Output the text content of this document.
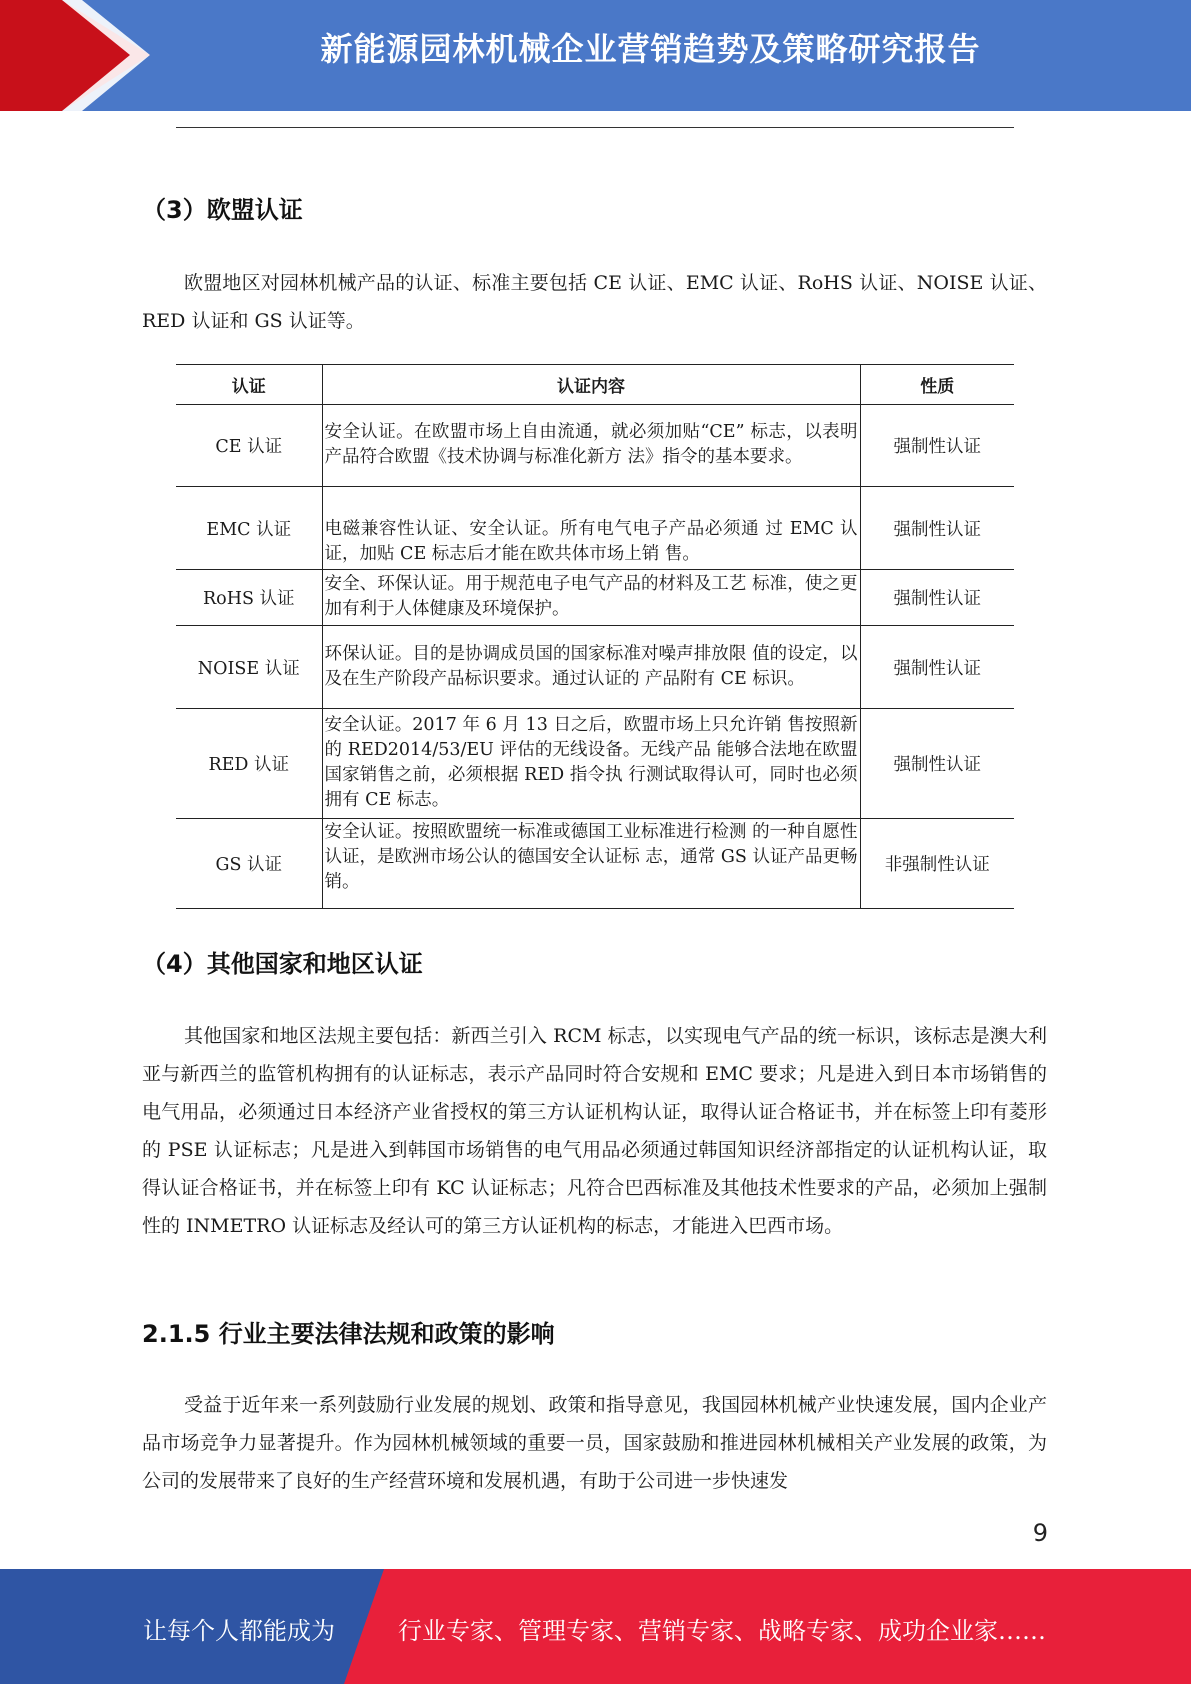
新能源园林机械企业营销趋势及策略研究报告
（3）欧盟认证

欧盟地区对园林机械产品的认证、标准主要包括 CE 认证、EMC 认证、RoHS 认证、NOISE 认证、RED 认证和 GS 认证等。

认证	认证内容	性质
CE 认证	安全认证。在欧盟市场上自由流通，就必须加贴“CE” 标志，以表明产品符合欧盟《技术协调与标准化新方 法》指令的基本要求。	强制性认证
EMC 认证	电磁兼容性认证、安全认证。所有电气电子产品必须通 过 EMC 认证，加贴 CE 标志后才能在欧共体市场上销 售。	强制性认证
RoHS 认证	安全、环保认证。用于规范电子电气产品的材料及工艺 标准，使之更加有利于人体健康及环境保护。	强制性认证
NOISE 认证	环保认证。目的是协调成员国的国家标准对噪声排放限 值的设定，以及在生产阶段产品标识要求。通过认证的 产品附有 CE 标识。	强制性认证
RED 认证	安全认证。2017 年 6 月 13 日之后，欧盟市场上只允许销 售按照新的 RED2014/53/EU 评估的无线设备。无线产品 能够合法地在欧盟国家销售之前，必须根据 RED 指令执 行测试取得认可，同时也必须拥有 CE 标志。	强制性认证
GS 认证	安全认证。按照欧盟统一标准或德国工业标准进行检测 的一种自愿性认证，是欧洲市场公认的德国安全认证标 志，通常 GS 认证产品更畅销。	非强制性认证
（4）其他国家和地区认证

其他国家和地区法规主要包括：新西兰引入 RCM 标志，以实现电气产品的统一标识，该标志是澳大利亚与新西兰的监管机构拥有的认证标志，表示产品同时符合安规和 EMC 要求；凡是进入到日本市场销售的电气用品，必须通过日本经济产业省授权的第三方认证机构认证，取得认证合格证书，并在标签上印有菱形的 PSE 认证标志；凡是进入到韩国市场销售的电气用品必须通过韩国知识经济部指定的认证机构认证，取得认证合格证书，并在标签上印有 KC 认证标志；凡符合巴西标准及其他技术性要求的产品，必须加上强制性的 INMETRO 认证标志及经认可的第三方认证机构的标志，才能进入巴西市场。

2.1.5 行业主要法律法规和政策的影响

受益于近年来一系列鼓励行业发展的规划、政策和指导意见，我国园林机械产业快速发展，国内企业产品市场竞争力显著提升。作为园林机械领域的重要一员，国家鼓励和推进园林机械相关产业发展的政策，为公司的发展带来了良好的生产经营环境和发展机遇，有助于公司进一步快速发

9
让每个人都能成为	行业专家、管理专家、营销专家、战略专家、成功企业家……
